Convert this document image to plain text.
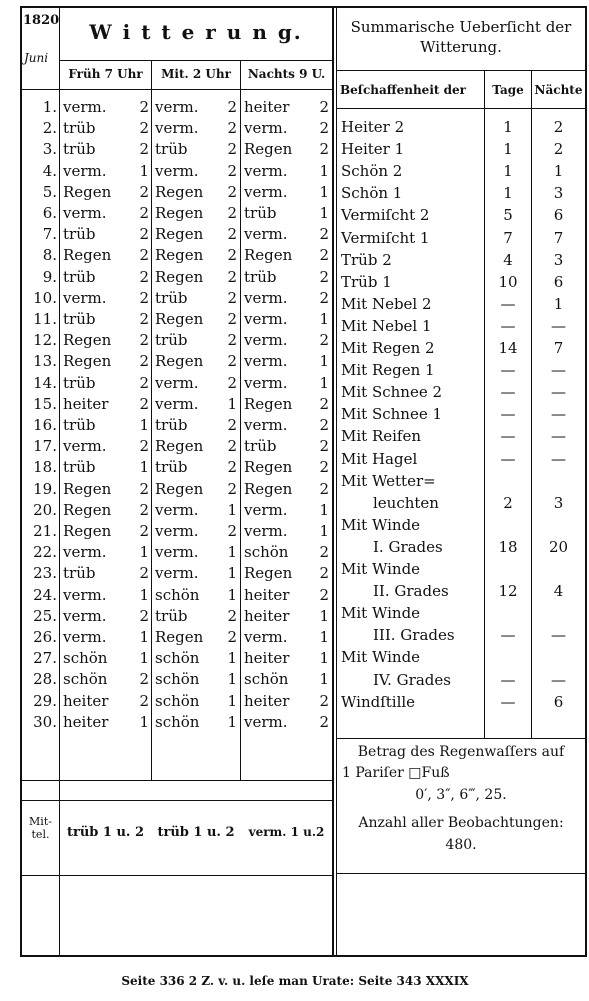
1820
Juni
W i t t e r u n g.
Früh 7 Uhr	Mit. 2 Uhr	Nachts 9 U.
1. verm. 2 verm. 2 heiter 2
2. trüb	2 verm. 2 verm. 2
3. trüb	2 trüb	2 Regen 2
4. verm. 1 verm. 2 verm. 1
5. Regen 2 Regen 2 verm. 1
6. verm. 2 Regen 2 trüb	1
7. trüb	2 Regen 2 verm. 2
8. Regen 2 Regen 2 Regen 2
9. trüb	2 Regen 2 trüb	2
10. verm. 2 trüb	2 verm. 2
11. trüb	2 Regen 2 verm. 1
12. Regen 2 trüb	2 verm. 2
13. Regen 2 Regen 2 verm. 1
14. trüb	2 verm. 2 verm. 1
15. heiter 2 verm. 1 Regen 2
16. trüb	1 trüb	2 verm. 2
17. verm. 2 Regen 2 trüb	2
18. trüb	1 trüb	2 Regen 2
19. Regen 2 Regen 2 Regen 2
20. Regen 2 verm. 1 verm. 1
21. Regen 2 verm. 2 verm. 1
22. verm. 1 verm. 1 schön 2
23. trüb	2 verm. 1 Regen 2
24. verm. 1 schön 1 heiter 2
25. verm. 2 trüb	2 heiter 1
26. verm. 1 Regen 2 verm. 1
27. schön 1 schön 1 heiter 1
28. schön 2 schön 1 schön 1
29. heiter 2 schön 1 heiter 2
30. heiter 1 schön 1 verm. 2
Mit-tel.	trüb 1 u. 2	trüb 1 u. 2	verm. 1 u.2
Summarische Ueberſicht der
Witterung.
Beſchaffenheit der	Tage Nächte
Heiter 2	1	2
Heiter 1	1	2
Schön 2	1	1
Schön 1	1	3
Vermiſcht 2	5	6
Vermiſcht 1	7	7
Trüb 2	4	3
Trüb 1	10	6
Mit Nebel 2	—	1
Mit Nebel 1	—	—
Mit Regen 2	14	7
Mit Regen 1	—	—
Mit Schnee 2	—	—
Mit Schnee 1	—	—
Mit Reifen	—	—
Mit Hagel	—	—
Mit Wetter=
leuchten	2	3
Mit Winde
I. Grades	18	20
Mit Winde
II. Grades	12	4
Mit Winde
III. Grades	—	—
Mit Winde
IV. Grades	—	—
Windſtille	—	6
Betrag des Regenwaſſers auf
1 Pariſer □Fuß
0′, 3″, 6‴, 25.
Anzahl aller Beobachtungen:
480.
Seite 336 2 Z. v. u. leſe man Urate: Seite 343 XXXIX
